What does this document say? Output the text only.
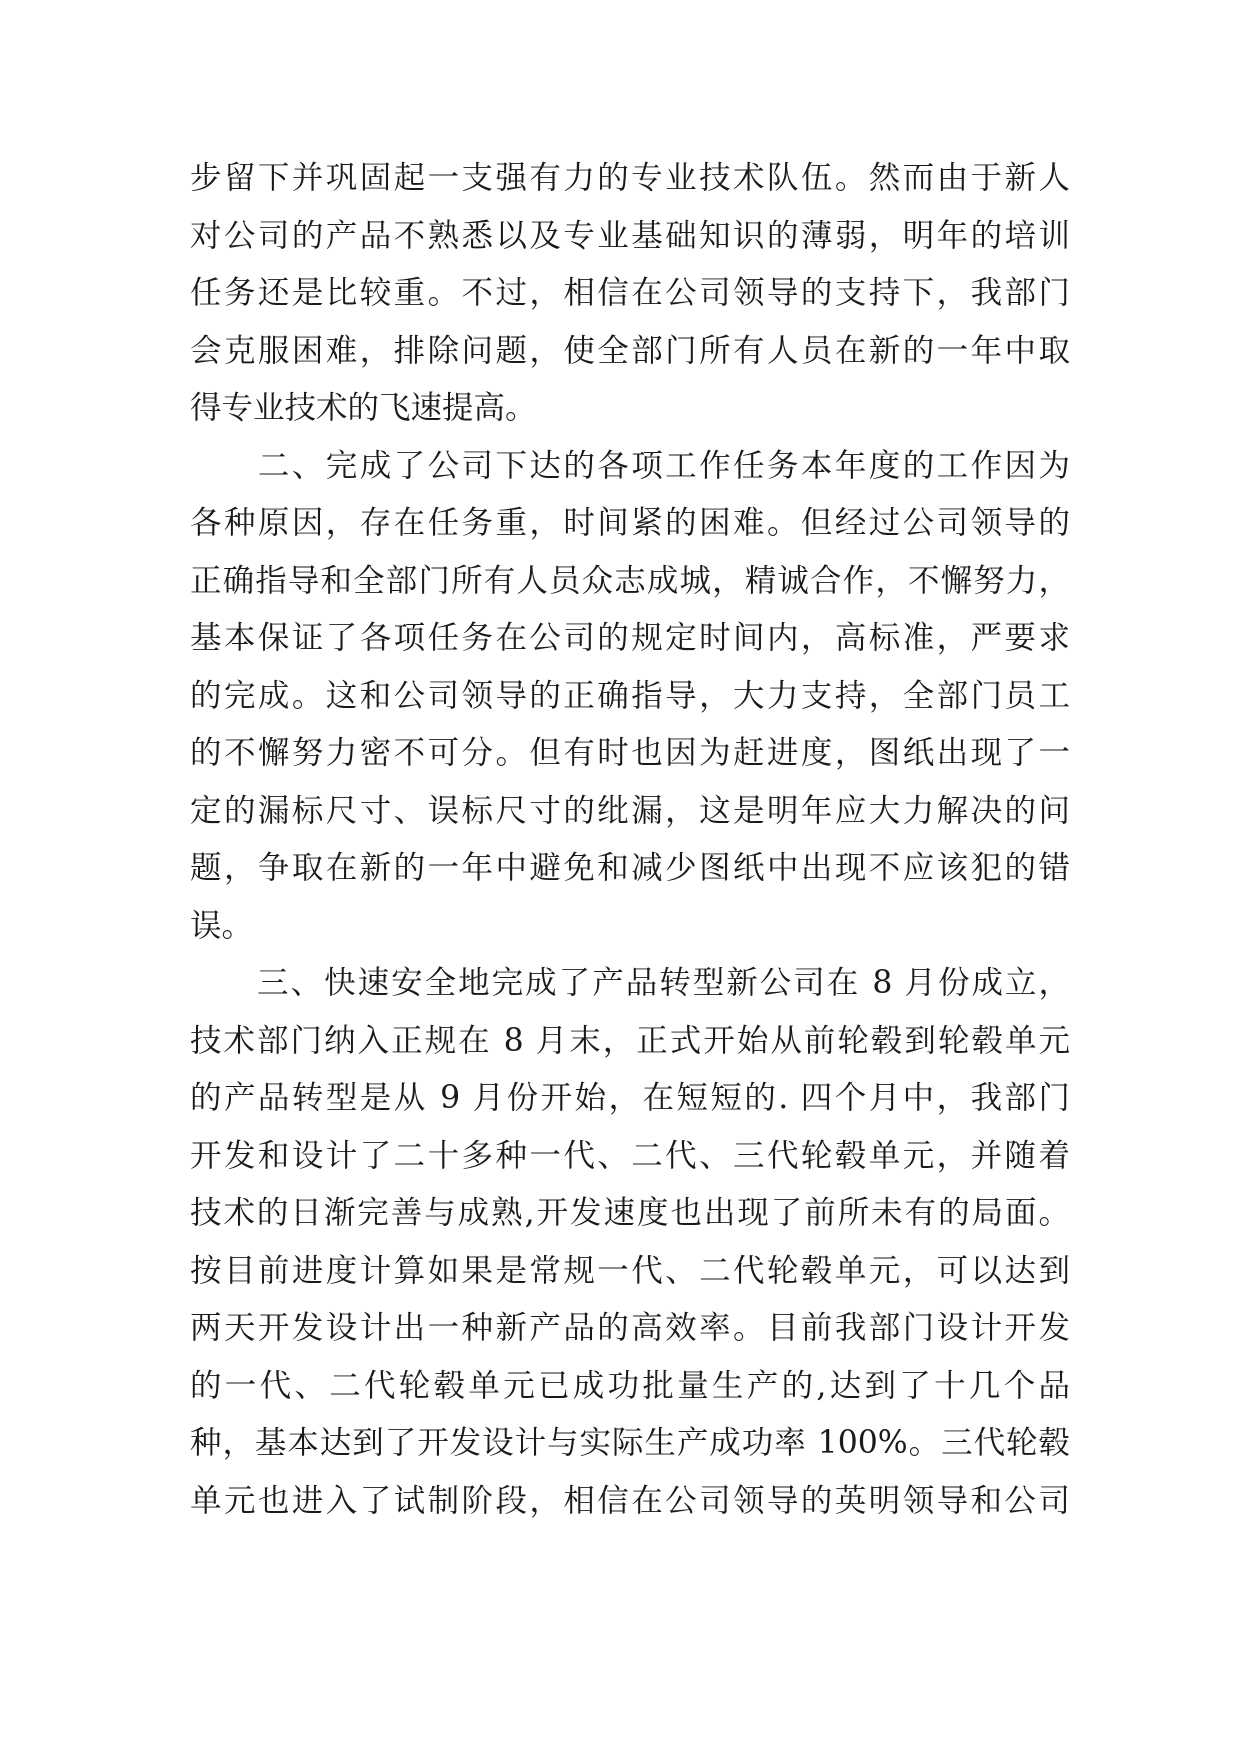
步留下并巩固起一支强有力的专业技术队伍。然而由于新人
对公司的产品不熟悉以及专业基础知识的薄弱，明年的培训
任务还是比较重。不过，相信在公司领导的支持下，我部门
会克服困难，排除问题，使全部门所有人员在新的一年中取
得专业技术的飞速提高。
　　二、完成了公司下达的各项工作任务本年度的工作因为
各种原因，存在任务重，时间紧的困难。但经过公司领导的
正确指导和全部门所有人员众志成城，精诚合作，不懈努力，
基本保证了各项任务在公司的规定时间内，高标准，严要求
的完成。这和公司领导的正确指导，大力支持，全部门员工
的不懈努力密不可分。但有时也因为赶进度，图纸出现了一
定的漏标尺寸、误标尺寸的纰漏，这是明年应大力解决的问
题，争取在新的一年中避免和减少图纸中出现不应该犯的错
误。
　　三、快速安全地完成了产品转型新公司在 8 月份成立，
技术部门纳入正规在 8 月末，正式开始从前轮毂到轮毂单元
的产品转型是从 9 月份开始，在短短的. 四个月中，我部门
开发和设计了二十多种一代、二代、三代轮毂单元，并随着
技术的日渐完善与成熟,开发速度也出现了前所未有的局面。
按目前进度计算如果是常规一代、二代轮毂单元，可以达到
两天开发设计出一种新产品的高效率。目前我部门设计开发
的一代、二代轮毂单元已成功批量生产的,达到了十几个品
种，基本达到了开发设计与实际生产成功率 100%。三代轮毂
单元也进入了试制阶段，相信在公司领导的英明领导和公司
